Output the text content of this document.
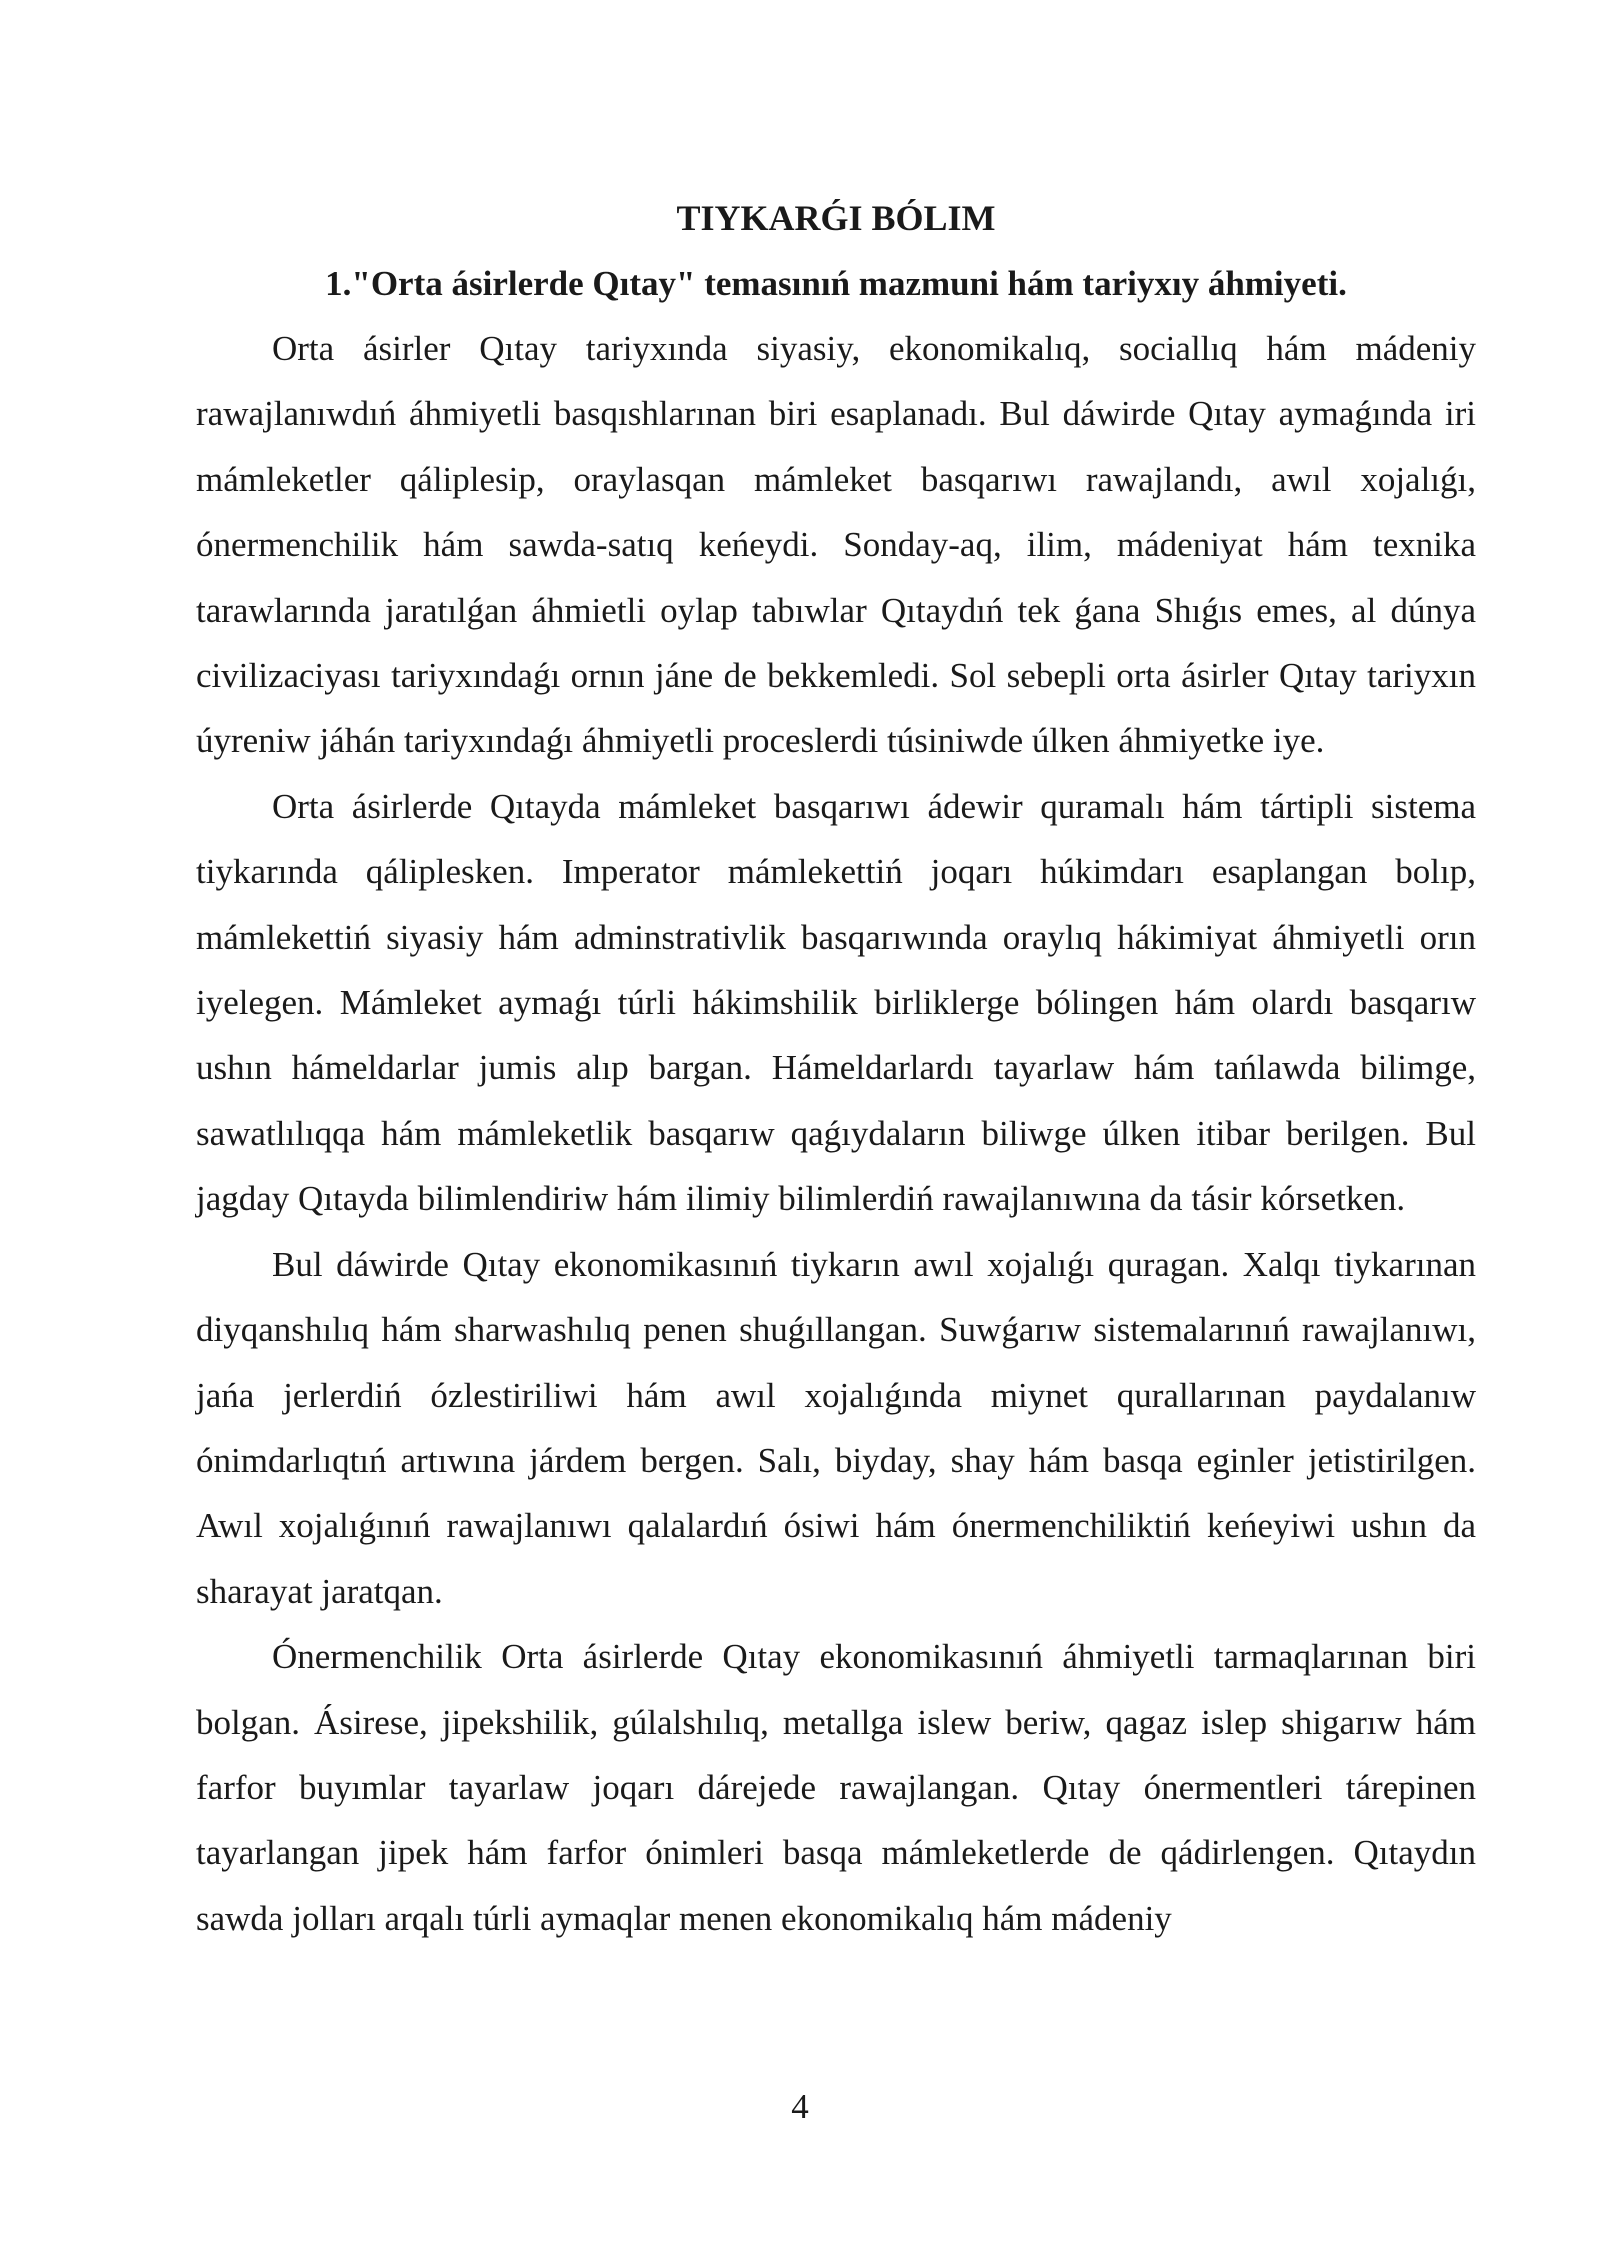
TIYKARǴI BÓLIM
1."Orta ásirlerde Qıtay" temasınıń mazmuni hám tariyxıy áhmiyeti.

Orta ásirler Qıtay tariyxında siyasiy, ekonomikalıq, sociallıq hám mádeniy rawajlanıwdıń áhmiyetli basqıshlarınan biri esaplanadı. Bul dáwirde Qıtay aymaǵında iri mámleketler qáliplesip, oraylasqan mámleket basqarıwı rawajlandı, awıl xojalıǵı, ónermenchilik hám sawda-satıq keńeydi. Sonday-aq, ilim, mádeniyat hám texnika tarawlarında jaratılǵan áhmietli oylap tabıwlar Qıtaydıń tek ǵana Shıǵıs emes, al dúnya civilizaciyası tariyxındaǵı ornın jáne de bekkemledi. Sol sebepli orta ásirler Qıtay tariyxın úyreniw jáhán tariyxındaǵı áhmiyetli proceslerdi túsiniwde úlken áhmiyetke iye.

Orta ásirlerde Qıtayda mámleket basqarıwı ádewir quramalı hám tártipli sistema tiykarında qáliplesken. Imperator mámlekettiń joqarı húkimdarı esaplangan bolıp, mámlekettiń siyasiy hám adminstrativlik basqarıwında oraylıq hákimiyat áhmiyetli orın iyelegen. Mámleket aymaǵı túrli hákimshilik birliklerge bólingen hám olardı basqarıw ushın hámeldarlar jumis alıp bargan. Hámeldarlardı tayarlaw hám tańlawda bilimge, sawatlılıqqa hám mámleketlik basqarıw qaǵıydaların biliwge úlken itibar berilgen. Bul jagday Qıtayda bilimlendiriw hám ilimiy bilimlerdiń rawajlanıwına da tásir kórsetken.

Bul dáwirde Qıtay ekonomikasınıń tiykarın awıl xojalıǵı quragan. Xalqı tiykarınan diyqanshılıq hám sharwashılıq penen shuǵıllangan. Suwǵarıw sistemalarınıń rawajlanıwı, jańa jerlerdiń ózlestiriliwi hám awıl xojalıǵında miynet qurallarınan paydalanıw ónimdarlıqtıń artıwına járdem bergen. Salı, biyday, shay hám basqa eginler jetistirilgen. Awıl xojalıǵınıń rawajlanıwı qalalardıń ósiwi hám ónermenchiliktiń keńeyiwi ushın da sharayat jaratqan.

Ónermenchilik Orta ásirlerde Qıtay ekonomikasınıń áhmiyetli tarmaqlarınan biri bolgan. Ásirese, jipekshilik, gúlalshılıq, metallga islew beriw, qagaz islep shigarıw hám farfor buyımlar tayarlaw joqarı dárejede rawajlangan. Qıtay ónermentleri tárepinen tayarlangan jipek hám farfor ónimleri basqa mámleketlerde de qádirlengen. Qıtaydın sawda jolları arqalı túrli aymaqlar menen ekonomikalıq hám mádeniy

4
